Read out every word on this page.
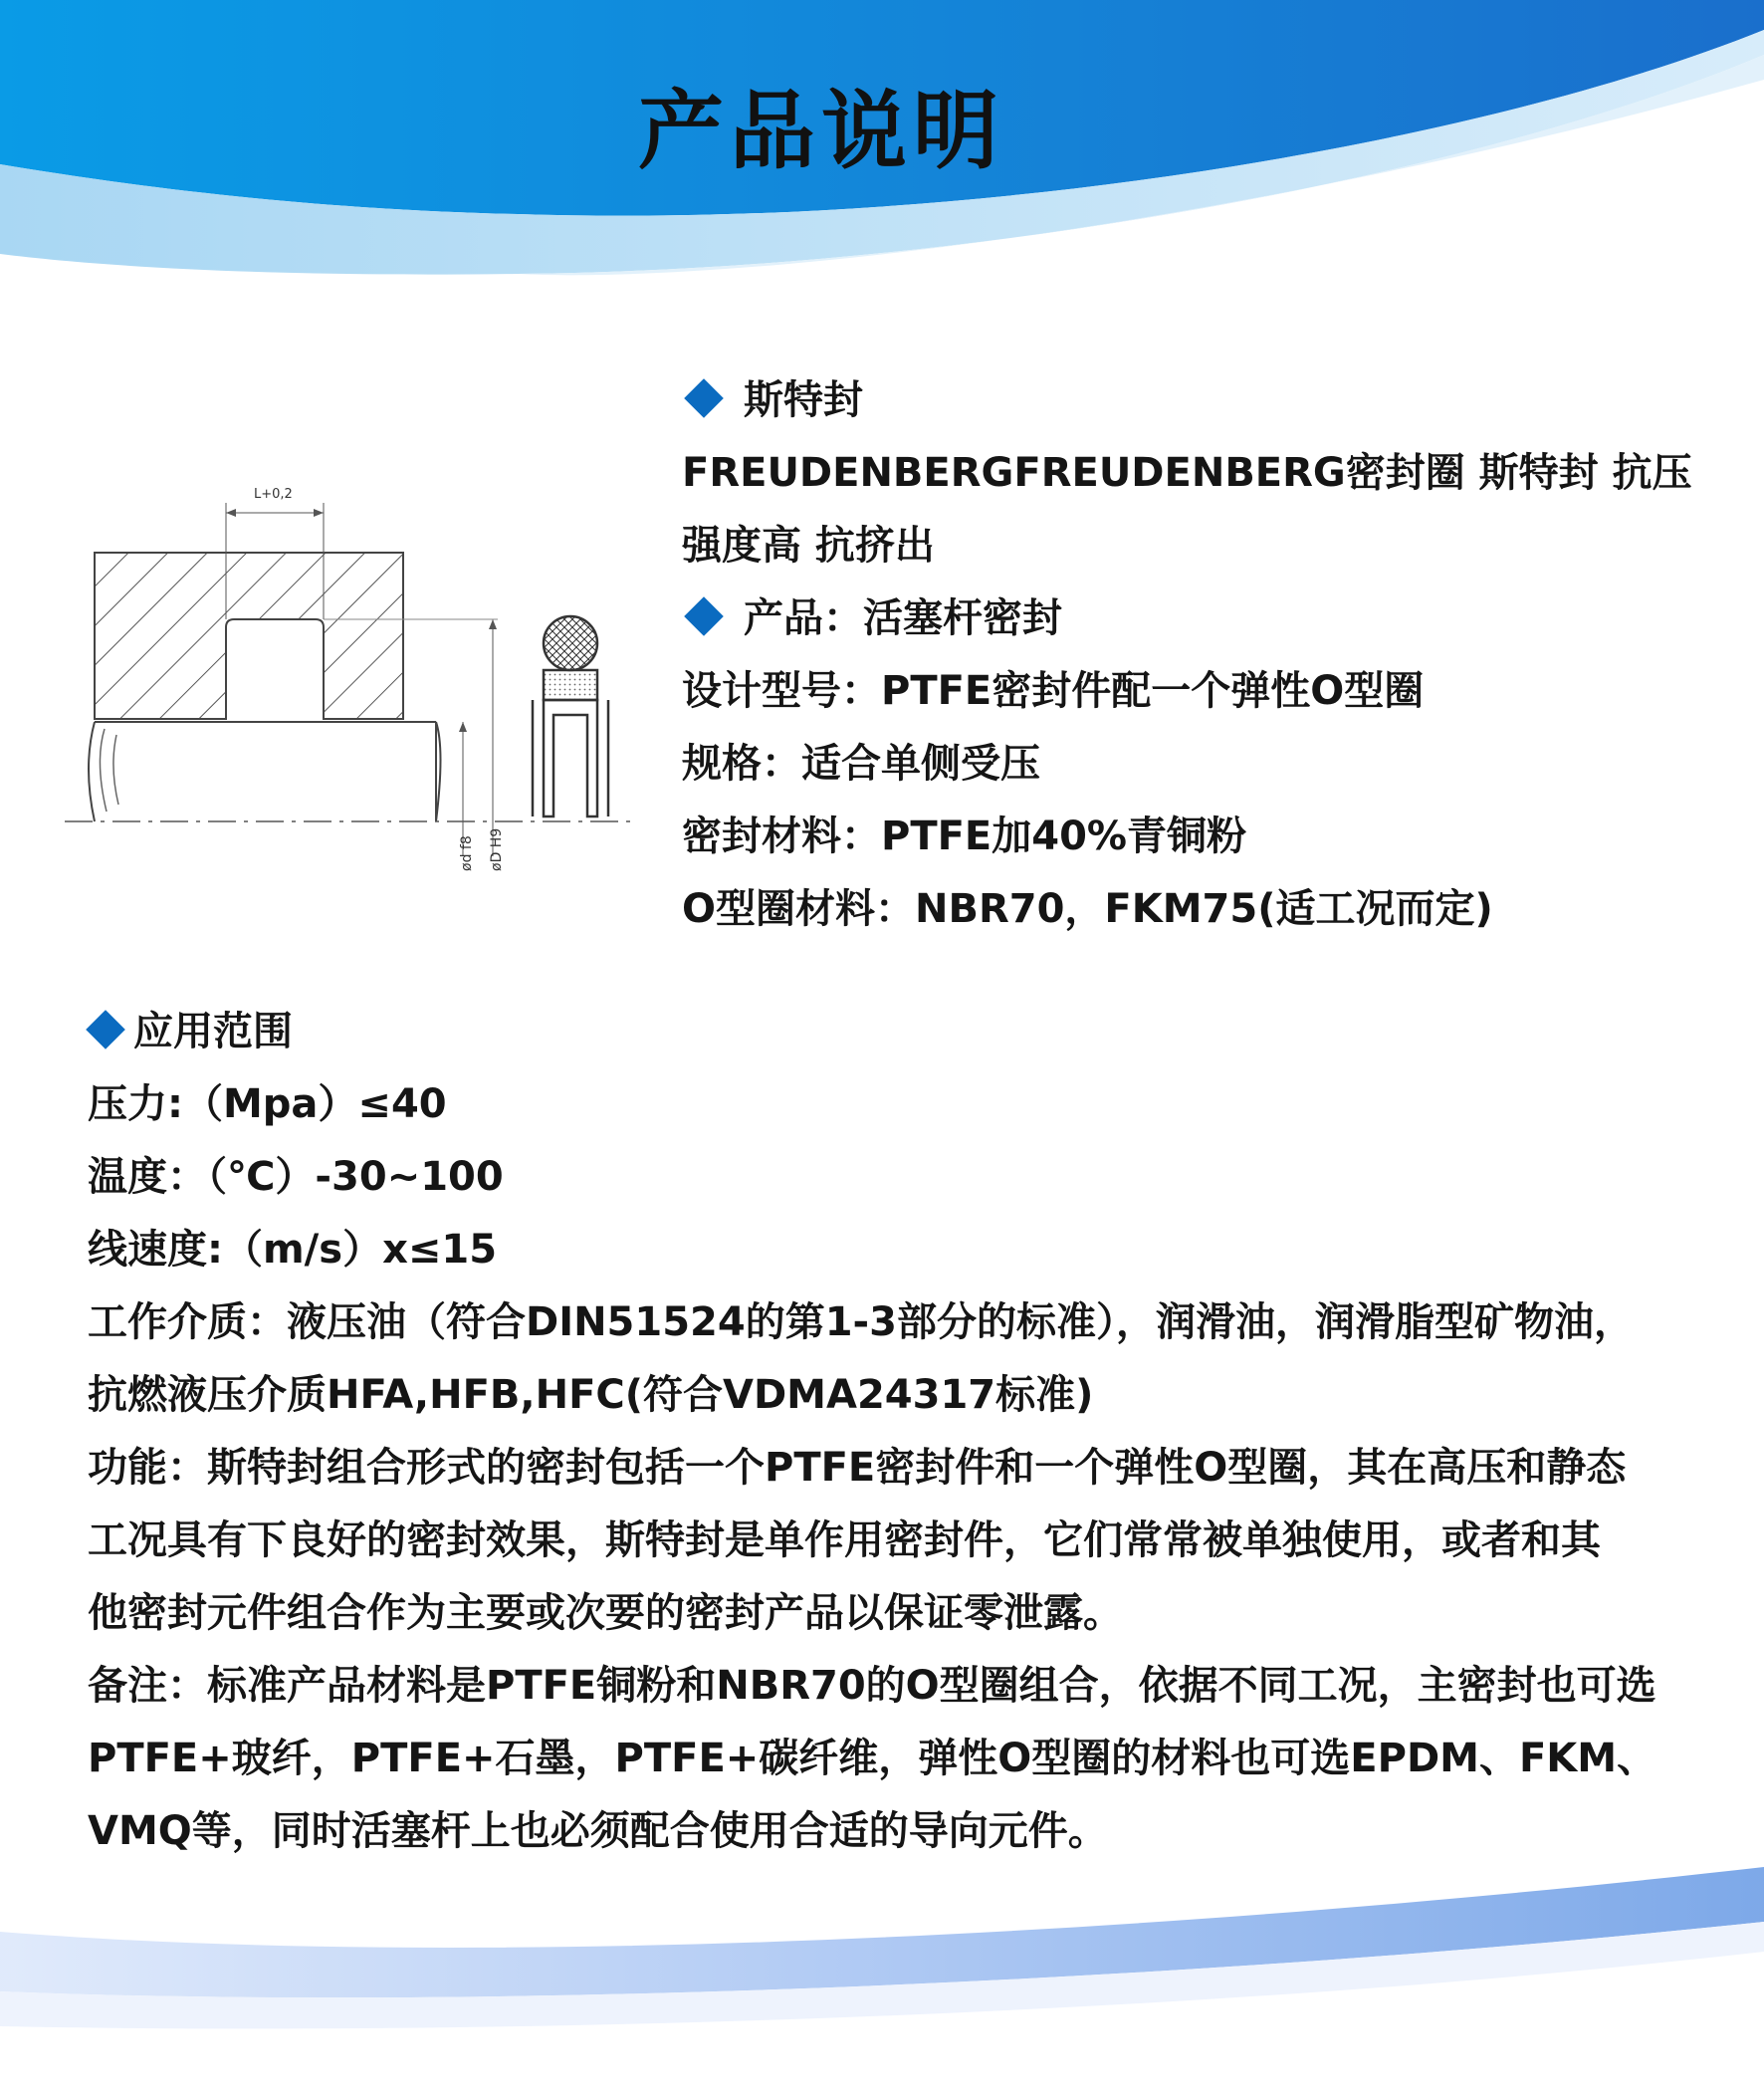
产品说明
L+0,2
ød f8 øD H9
斯特封
FREUDENBERGFREUDENBERG密封圈 斯特封 抗压
强度高 抗挤出
产品：活塞杆密封
设计型号：PTFE密封件配一个弹性O型圈
规格：适合单侧受压
密封材料：PTFE加40%青铜粉
O型圈材料：NBR70，FKM75(适工况而定)
应用范围
压力:（Mpa）≤40
温度：（℃）-30~100
线速度:（m/s）x≤15
工作介质：液压油（符合DIN51524的第1-3部分的标准），润滑油，润滑脂型矿物油，
抗燃液压介质HFA,HFB,HFC(符合VDMA24317标准)
功能：斯特封组合形式的密封包括一个PTFE密封件和一个弹性O型圈，其在高压和静态
工况具有下良好的密封效果，斯特封是单作用密封件，它们常常被单独使用，或者和其
他密封元件组合作为主要或次要的密封产品以保证零泄露。
备注：标准产品材料是PTFE铜粉和NBR70的O型圈组合，依据不同工况，主密封也可选
PTFE+玻纤，PTFE+石墨，PTFE+碳纤维，弹性O型圈的材料也可选EPDM、FKM、
VMQ等，同时活塞杆上也必须配合使用合适的导向元件。
